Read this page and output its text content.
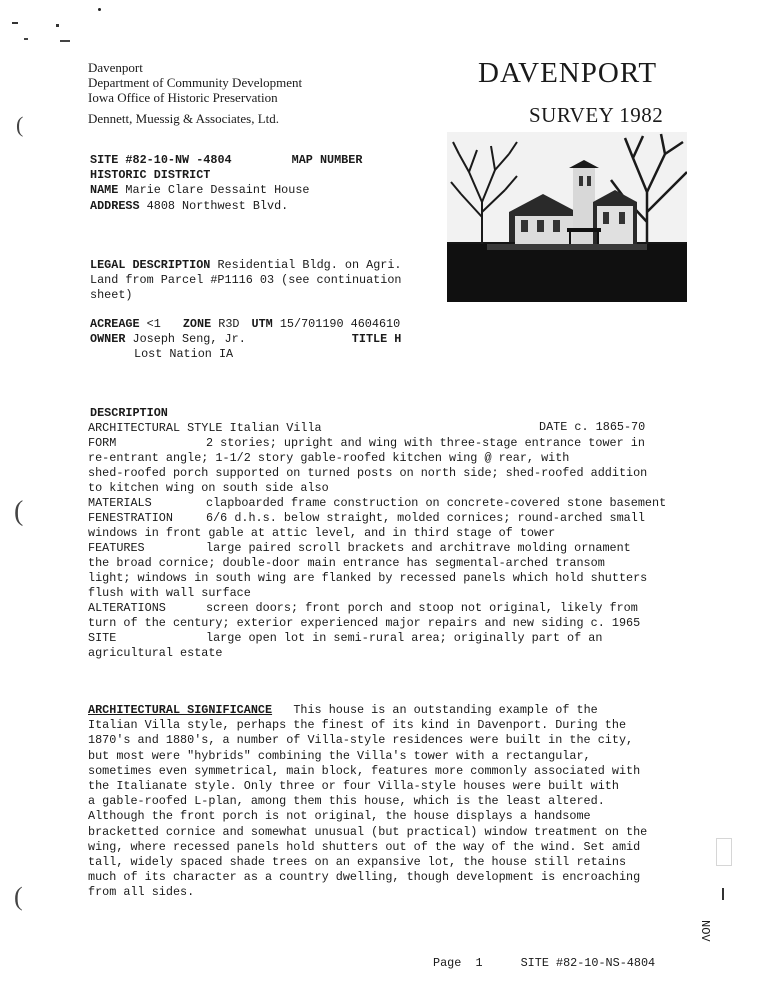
(
(
(
Davenport
Department of Community Development
Iowa Office of Historic Preservation
Dennett, Muessig & Associates, Ltd.
DAVENPORT
SURVEY 1982
SITE #82-10-NW -4804	MAP NUMBER
HISTORIC DISTRICT
NAME Marie Clare Dessaint House
ADDRESS 4808 Northwest Blvd.
LEGAL DESCRIPTION Residential Bldg. on Agri.
Land from Parcel #P1116 03 (see continuation
sheet)
ACREAGE <1 ZONE R3D UTM 15/701190 4604610
OWNER Joseph Seng, Jr.	TITLE H
Lost Nation IA
DESCRIPTION
ARCHITECTURAL STYLE Italian Villa	DATE c. 1865-70
FORM	2 stories; upright and wing with three-stage entrance tower in
re-entrant angle; 1-1/2 story gable-roofed kitchen wing @ rear, with
shed-roofed porch supported on turned posts on north side; shed-roofed addition
to kitchen wing on south side also
MATERIALS	clapboarded frame construction on concrete-covered stone basement
FENESTRATION	6/6 d.h.s. below straight, molded cornices; round-arched small
windows in front gable at attic level, and in third stage of tower
FEATURES	large paired scroll brackets and architrave molding ornament
the broad cornice; double-door main entrance has segmental-arched transom
light; windows in south wing are flanked by recessed panels which hold shutters
flush with wall surface
ALTERATIONS	screen doors; front porch and stoop not original, likely from
turn of the century; exterior experienced major repairs and new siding c. 1965
SITE	large open lot in semi-rural area; originally part of an
agricultural estate

ARCHITECTURAL SIGNIFICANCE This house is an outstanding example of the

Italian Villa style, perhaps the finest of its kind in Davenport. During the

1870's and 1880's, a number of Villa-style residences were built in the city,

but most were "hybrids" combining the Villa's tower with a rectangular,

sometimes even symmetrical, main block, features more commonly associated with

the Italianate style. Only three or four Villa-style houses were built with

a gable-roofed L-plan, among them this house, which is the least altered.

Although the front porch is not original, the house displays a handsome

bracketted cornice and somewhat unusual (but practical) window treatment on the

wing, where recessed panels hold shutters out of the way of the wind. Set amid

tall, widely spaced shade trees on an expansive lot, the house still retains

much of its character as a country dwelling, though development is encroaching

from all sides.

NOV
Page 1	SITE #82-10-NS-4804
